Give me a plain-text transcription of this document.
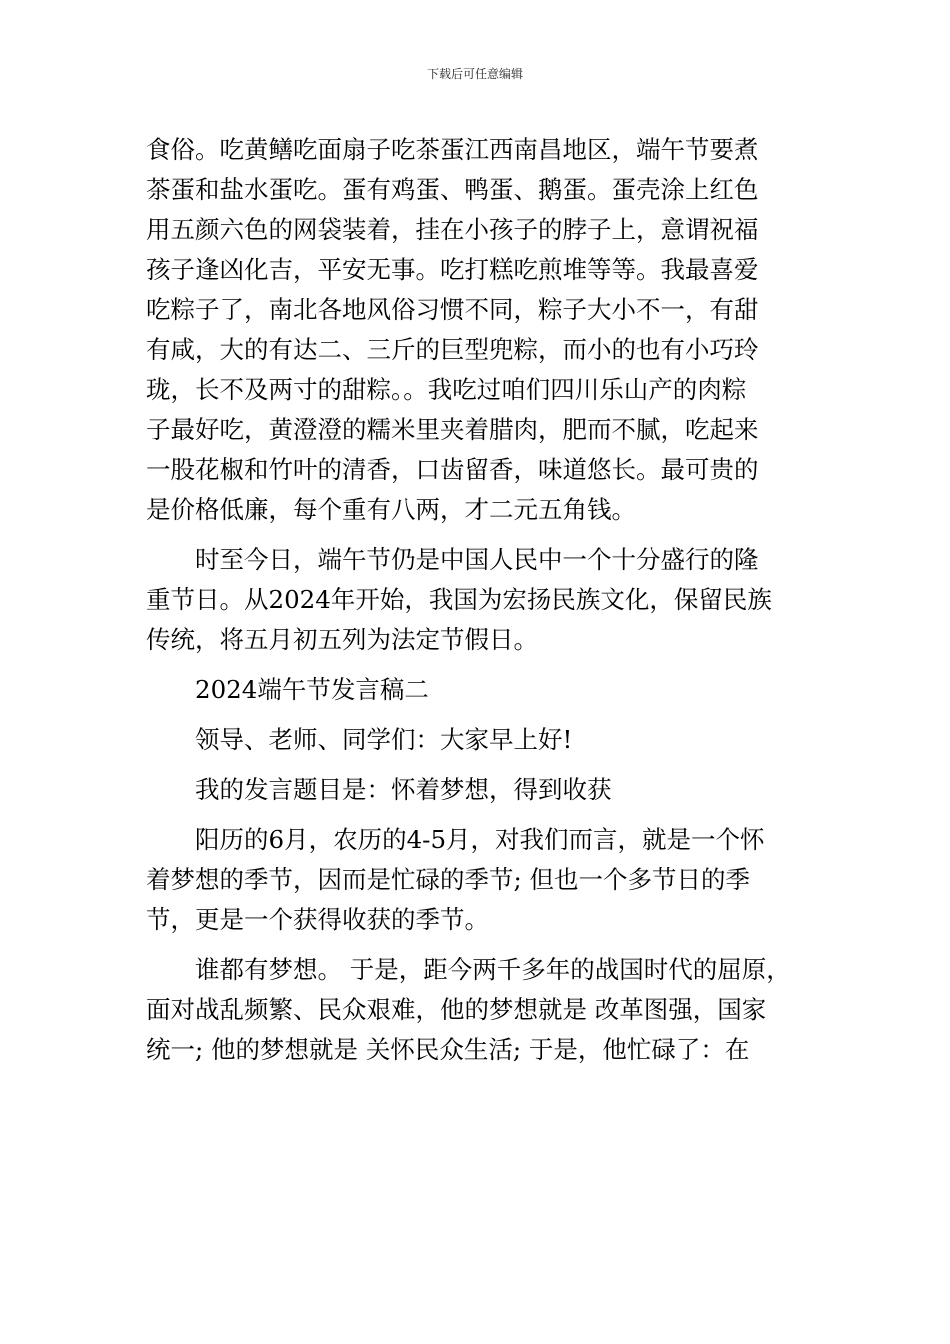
下载后可任意编辑
食俗。吃黄鳝吃面扇子吃茶蛋江西南昌地区，端午节要煮
茶蛋和盐水蛋吃。蛋有鸡蛋、鸭蛋、鹅蛋。蛋壳涂上红色
用五颜六色的网袋装着，挂在小孩子的脖子上，意谓祝福
孩子逢凶化吉，平安无事。吃打糕吃煎堆等等。我最喜爱
吃粽子了，南北各地风俗习惯不同，粽子大小不一，有甜
有咸，大的有达二、三斤的巨型兜粽，而小的也有小巧玲
珑，长不及两寸的甜粽。。我吃过咱们四川乐山产的肉粽
子最好吃，黄澄澄的糯米里夹着腊肉，肥而不腻，吃起来
一股花椒和竹叶的清香，口齿留香，味道悠长。最可贵的
是价格低廉，每个重有八两，才二元五角钱。
时至今日，端午节仍是中国人民中一个十分盛行的隆
重节日。从2024年开始，我国为宏扬民族文化，保留民族
传统，将五月初五列为法定节假日。
2024端午节发言稿二
领导、老师、同学们：大家早上好!
我的发言题目是：怀着梦想，得到收获
阳历的6月，农历的4-5月，对我们而言，就是一个怀
着梦想的季节，因而是忙碌的季节; 但也一个多节日的季
节，更是一个获得收获的季节。
谁都有梦想。 于是，距今两千多年的战国时代的屈原，
面对战乱频繁、民众艰难，他的梦想就是 改革图强，国家
统一; 他的梦想就是 关怀民众生活; 于是，他忙碌了：在
